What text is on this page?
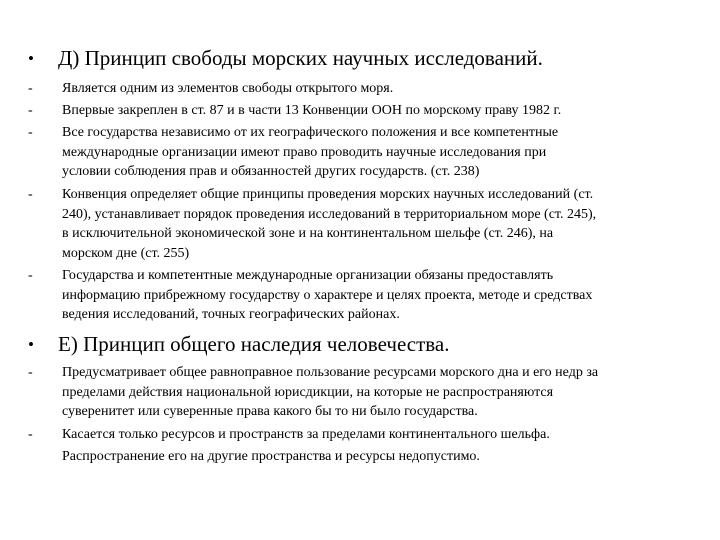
• Д) Принцип свободы морских научных исследований.
- Является одним из элементов свободы открытого моря.
- Впервые закреплен в ст. 87 и в части 13 Конвенции ООН по морскому праву 1982 г.
- Все государства независимо от их географического положения и все компетентные
международные организации имеют право проводить научные исследования при
условии соблюдения прав и обязанностей других государств. (ст. 238)
- Конвенция определяет общие принципы проведения морских научных исследований (ст.
240), устанавливает порядок проведения исследований в территориальном море (ст. 245),
в исключительной экономической зоне и на континентальном шельфе (ст. 246), на
морском дне (ст. 255)
- Государства и компетентные международные организации обязаны предоставлять
информацию прибрежному государству о характере и целях проекта, методе и средствах
ведения исследований, точных географических районах.
• Е) Принцип общего наследия человечества.
- Предусматривает общее равноправное пользование ресурсами морского дна и его недр за
пределами действия национальной юрисдикции, на которые не распространяются
суверенитет или суверенные права какого бы то ни было государства.
- Касается только ресурсов и пространств за пределами континентального шельфа.
Распространение его на другие пространства и ресурсы недопустимо.
